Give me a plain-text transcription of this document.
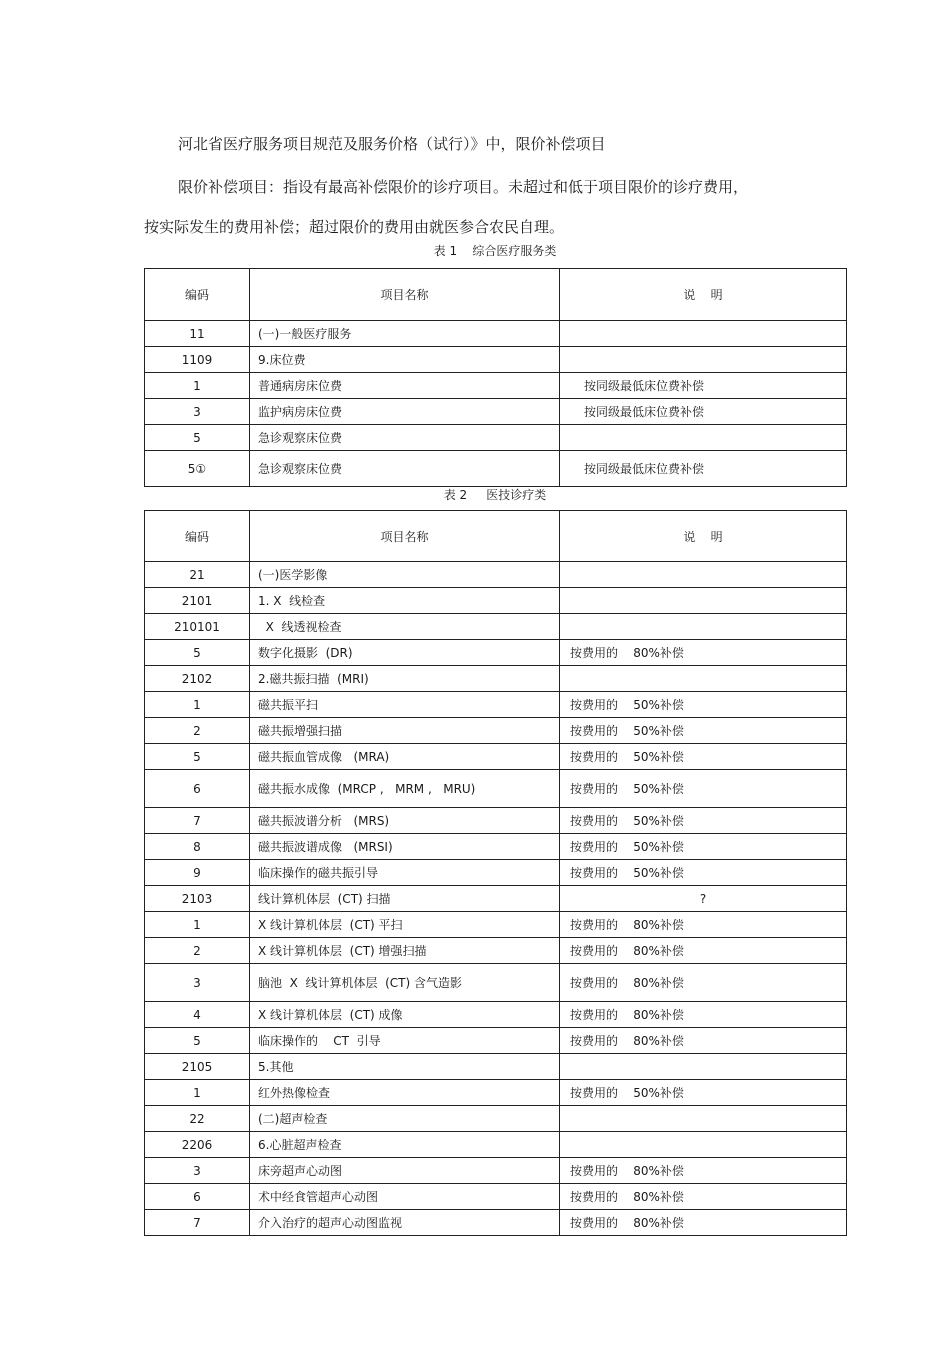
河北省医疗服务项目规范及服务价格（试行）》中，限价补偿项目
限价补偿项目：指设有最高补偿限价的诊疗项目。未超过和低于项目限价的诊疗费用，
按实际发生的费用补偿；超过限价的费用由就医参合农民自理。
表 1    综合医疗服务类
编码	项目名称	说    明
11	(一)一般医疗服务	
1109	9.床位费	
1	普通病房床位费	按同级最低床位费补偿
3	监护病房床位费	按同级最低床位费补偿
5	急诊观察床位费	
5①	急诊观察床位费	按同级最低床位费补偿
表 2     医技诊疗类
编码	项目名称	说    明
21	(一)医学影像	
2101	1. X  线检查	
210101	X  线透视检查	
5	数字化摄影  (DR)	按费用的    80%补偿
2102	2.磁共振扫描  (MRI)	
1	磁共振平扫	按费用的    50%补偿
2	磁共振增强扫描	按费用的    50%补偿
5	磁共振血管成像   (MRA)	按费用的    50%补偿
6	磁共振水成像  (MRCP ,   MRM ,   MRU)	按费用的    50%补偿
7	磁共振波谱分析   (MRS)	按费用的    50%补偿
8	磁共振波谱成像   (MRSI)	按费用的    50%补偿
9	临床操作的磁共振引导	按费用的    50%补偿
2103	线计算机体层  (CT) 扫描	?
1	X 线计算机体层  (CT) 平扫	按费用的    80%补偿
2	X 线计算机体层  (CT) 增强扫描	按费用的    80%补偿
3	脑池  X  线计算机体层  (CT) 含气造影	按费用的    80%补偿
4	X 线计算机体层  (CT) 成像	按费用的    80%补偿
5	临床操作的    CT  引导	按费用的    80%补偿
2105	5.其他	
1	红外热像检查	按费用的    50%补偿
22	(二)超声检查	
2206	6.心脏超声检查	
3	床旁超声心动图	按费用的    80%补偿
6	术中经食管超声心动图	按费用的    80%补偿
7	介入治疗的超声心动图监视	按费用的    80%补偿
